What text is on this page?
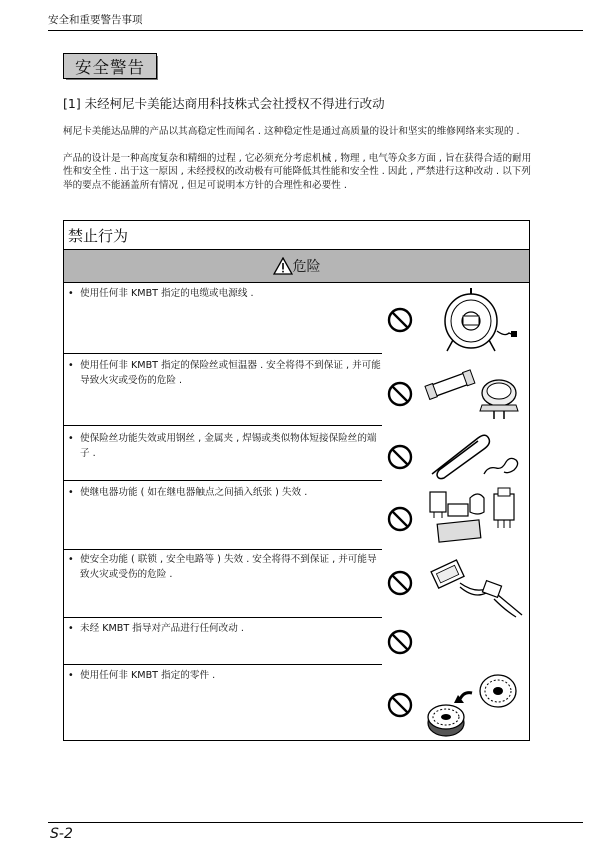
安全和重要警告事项
安全警告
[1] 未经柯尼卡美能达商用科技株式会社授权不得进行改动
柯尼卡美能达品牌的产品以其高稳定性而闻名 . 这种稳定性是通过高质量的设计和坚实的维修网络来实现的 .
产品的设计是一种高度复杂和精细的过程 , 它必须充分考虑机械 , 物理 , 电气等众多方面 , 旨在获得合适的耐用性和安全性 . 出于这一原因 , 未经授权的改动极有可能降低其性能和安全性 . 因此 , 严禁进行这种改动 . 以下列举的要点不能涵盖所有情况 , 但足可说明本方针的合理性和必要性 .
禁止行为
危险
• 使用任何非 KMBT 指定的电缆或电源线 .
• 使用任何非 KMBT 指定的保险丝或恒温器 . 安全将得不到保证 , 并可能导致火灾或受伤的危险 .
• 使保险丝功能失效或用钢丝 , 金属夹 , 焊锡或类似物体短接保险丝的端子 .
• 使继电器功能 ( 如在继电器触点之间插入纸张 ) 失效 .
• 使安全功能 ( 联锁 , 安全电路等 ) 失效 . 安全将得不到保证 , 并可能导致火灾或受伤的危险 .
• 未经 KMBT 指导对产品进行任何改动 .
• 使用任何非 KMBT 指定的零件 .
S-2
